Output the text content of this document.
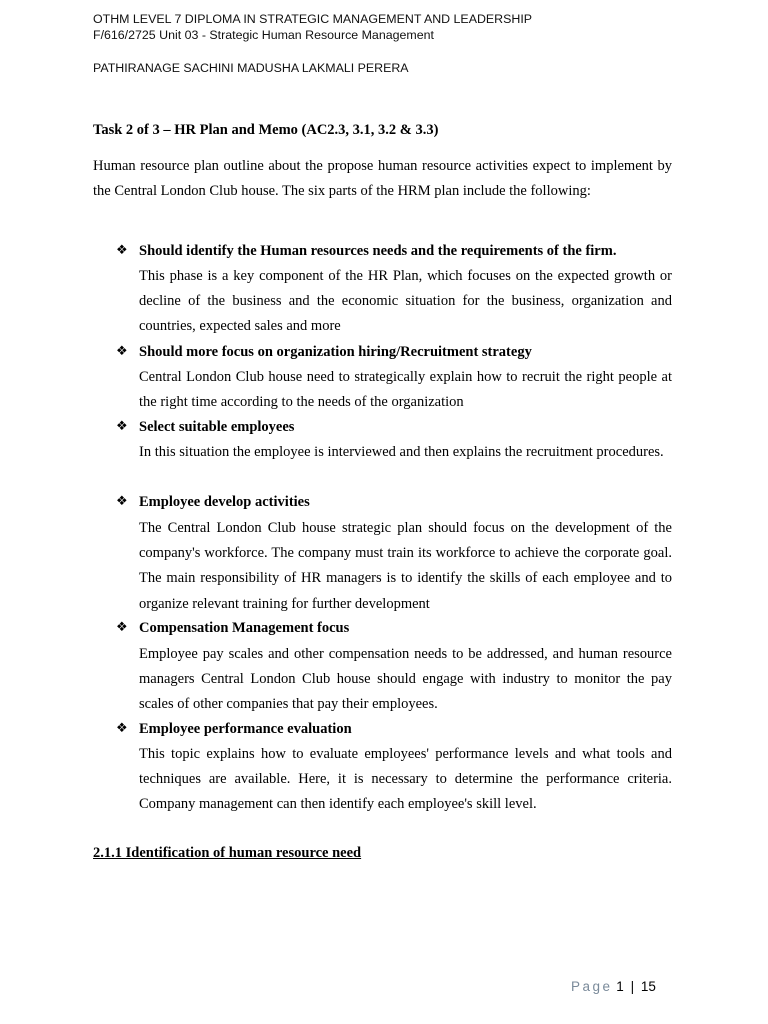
OTHM LEVEL 7 DIPLOMA IN STRATEGIC MANAGEMENT AND LEADERSHIP
F/616/2725 Unit 03 - Strategic Human Resource Management
PATHIRANAGE SACHINI MADUSHA LAKMALI PERERA
Task 2 of 3 – HR Plan and Memo (AC2.3, 3.1, 3.2 & 3.3)

Human resource plan outline about the propose human resource activities expect to implement by the Central London Club house. The six parts of the HRM plan include the following:

❖ Should identify the Human resources needs and the requirements of the firm.

This phase is a key component of the HR Plan, which focuses on the expected growth or decline of the business and the economic situation for the business, organization and countries, expected sales and more

❖ Should more focus on organization hiring/Recruitment strategy

Central London Club house need to strategically explain how to recruit the right people at the right time according to the needs of the organization

❖ Select suitable employees

In this situation the employee is interviewed and then explains the recruitment procedures.

❖ Employee develop activities

The Central London Club house strategic plan should focus on the development of the company's workforce. The company must train its workforce to achieve the corporate goal. The main responsibility of HR managers is to identify the skills of each employee and to organize relevant training for further development

❖ Compensation Management focus

Employee pay scales and other compensation needs to be addressed, and human resource managers Central London Club house should engage with industry to monitor the pay scales of other companies that pay their employees.

❖ Employee performance evaluation

This topic explains how to evaluate employees' performance levels and what tools and techniques are available. Here, it is necessary to determine the performance criteria. Company management can then identify each employee's skill level.

2.1.1 Identification of human resource need
Page 1 | 15
